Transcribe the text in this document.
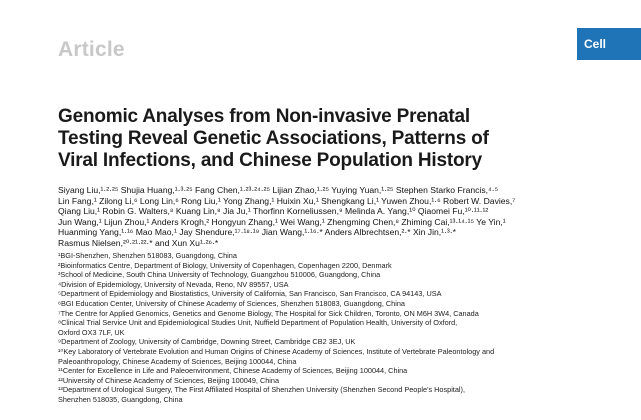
Article	Cell
Genomic Analyses from Non-invasive Prenatal
Testing Reveal Genetic Associations, Patterns of
Viral Infections, and Chinese Population History
Siyang Liu,¹·²·²⁵ Shujia Huang,¹·³·²⁵ Fang Chen,¹·²³·²⁴·²⁵ Lijian Zhao,¹·²⁵ Yuying Yuan,¹·²⁵ Stephen Starko Francis,⁴·⁵
Lin Fang,¹ Zilong Li,⁶ Long Lin,⁶ Rong Liu,¹ Yong Zhang,¹ Huixin Xu,¹ Shengkang Li,¹ Yuwen Zhou,¹·⁶ Robert W. Davies,⁷
Qiang Liu,¹ Robin G. Walters,⁸ Kuang Lin,⁸ Jia Ju,¹ Thorfinn Korneliussen,⁹ Melinda A. Yang,¹⁰ Qiaomei Fu,¹⁰·¹¹·¹²
Jun Wang,¹ Lijun Zhou,¹ Anders Krogh,² Hongyun Zhang,¹ Wei Wang,¹ Zhengming Chen,⁸ Zhiming Cai,¹³·¹⁴·¹⁵ Ye Yin,¹
Huanming Yang,¹·¹⁶ Mao Mao,¹ Jay Shendure,¹⁷·¹⁸·¹⁹ Jian Wang,¹·¹⁶·* Anders Albrechtsen,²·* Xin Jin,¹·³·*
Rasmus Nielsen,²⁰·²¹·²²·* and Xun Xu¹·²⁶·*
¹BGI-Shenzhen, Shenzhen 518083, Guangdong, China
²Bioinformatics Centre, Department of Biology, University of Copenhagen, Copenhagen 2200, Denmark
³School of Medicine, South China University of Technology, Guangzhou 510006, Guangdong, China
⁴Division of Epidemiology, University of Nevada, Reno, NV 89557, USA
⁵Department of Epidemiology and Biostatistics, University of California, San Francisco, San Francisco, CA 94143, USA
⁶BGI Education Center, University of Chinese Academy of Sciences, Shenzhen 518083, Guangdong, China
⁷The Centre for Applied Genomics, Genetics and Genome Biology, The Hospital for Sick Children, Toronto, ON M6H 3W4, Canada
⁸Clinical Trial Service Unit and Epidemiological Studies Unit, Nuffield Department of Population Health, University of Oxford,
Oxford OX3 7LF, UK
⁹Department of Zoology, University of Cambridge, Downing Street, Cambridge CB2 3EJ, UK
¹⁰Key Laboratory of Vertebrate Evolution and Human Origins of Chinese Academy of Sciences, Institute of Vertebrate Paleontology and
Paleoanthropology, Chinese Academy of Sciences, Beijing 100044, China
¹¹Center for Excellence in Life and Paleoenvironment, Chinese Academy of Sciences, Beijing 100044, China
¹²University of Chinese Academy of Sciences, Beijing 100049, China
¹³Department of Urological Surgery, The First Affiliated Hospital of Shenzhen University (Shenzhen Second People's Hospital),
Shenzhen 518035, Guangdong, China
